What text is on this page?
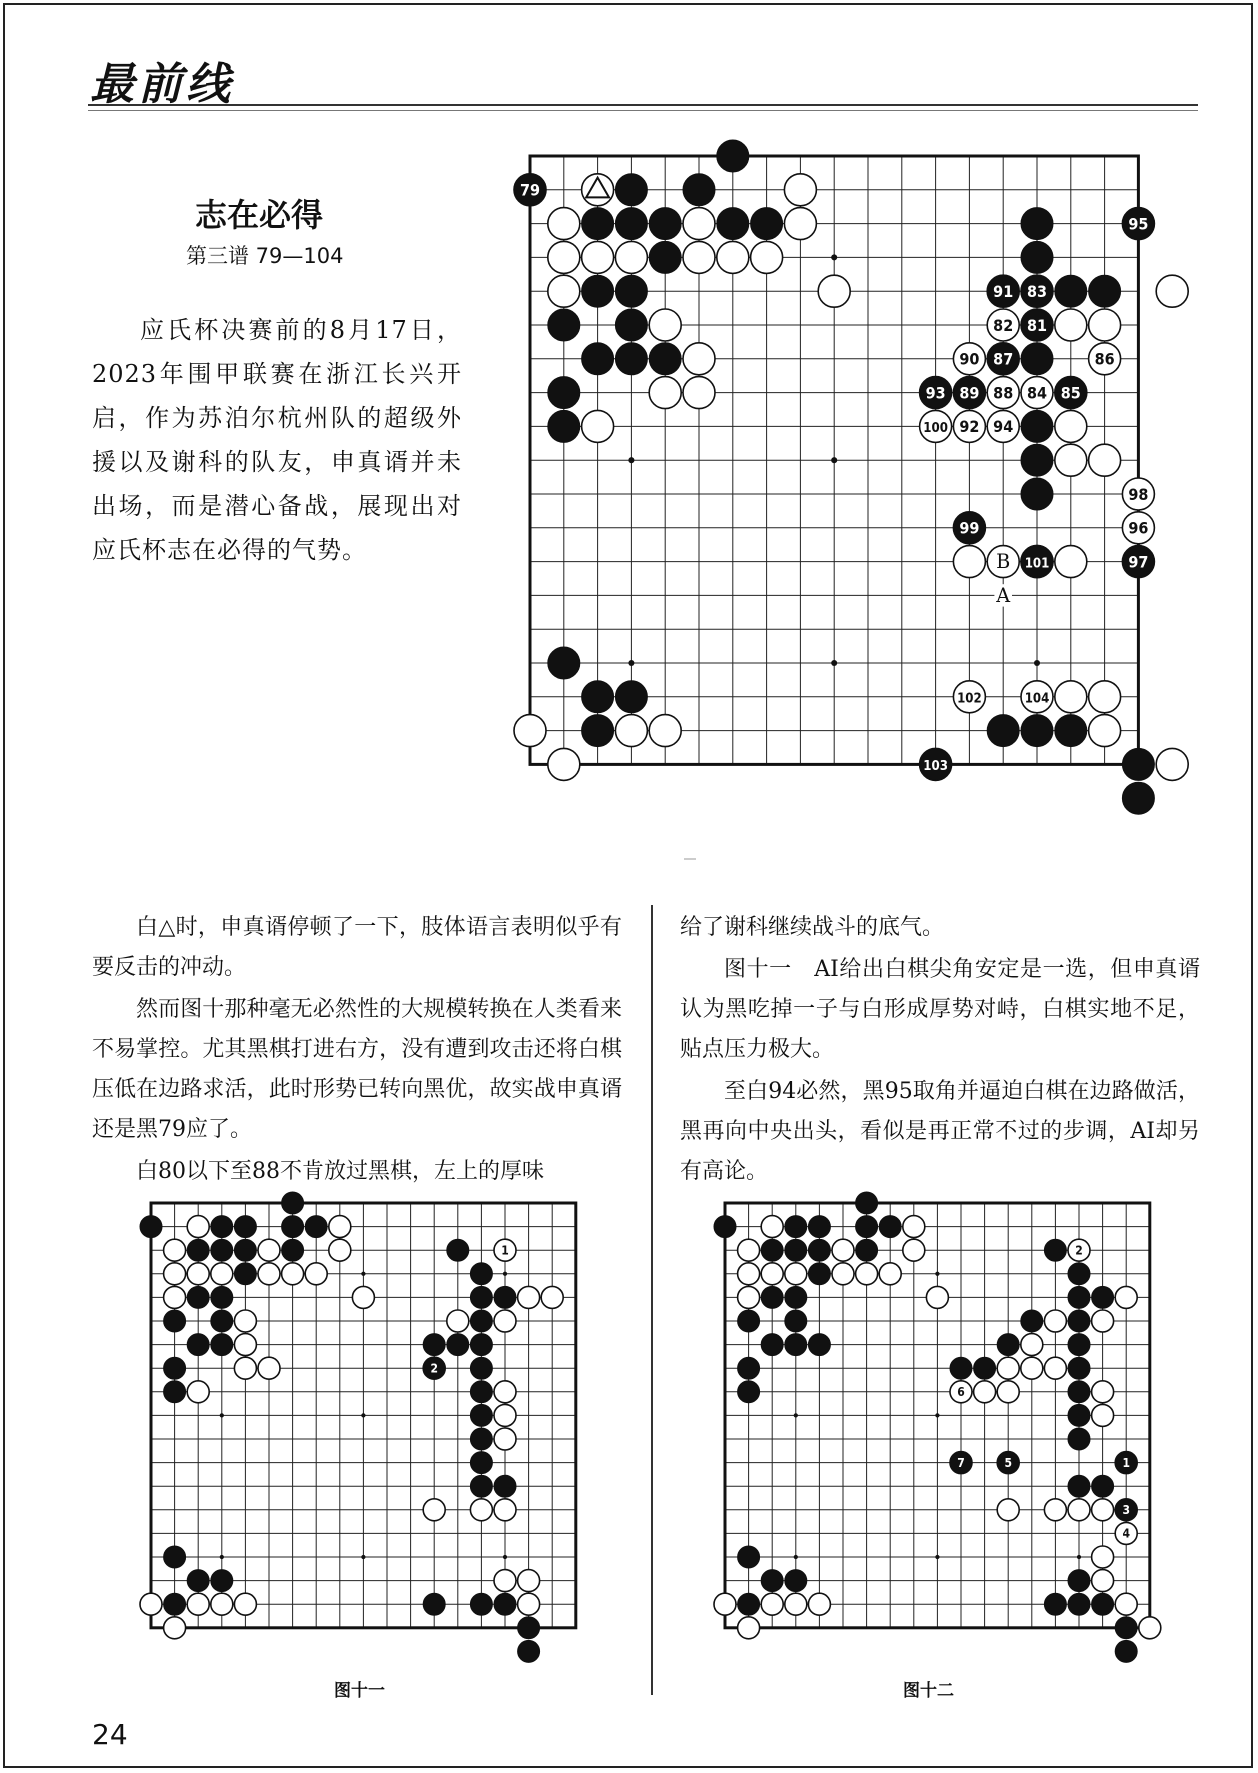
最前线
志在必得
第三谱 79—104

应氏杯决赛前的8月17日，2023年围甲联赛在浙江长兴开启，作为苏泊尔杭州队的超级外援以及谢科的队友，申真谞并未出场，而是潜心备战，展现出对应氏杯志在必得的气势。

79
81
82
83
84 85
86
87
88
89
90
91
92
93
94
95
96
97
98
99
100
101
102
103
104
B
A

白△时，申真谞停顿了一下，肢体语言表明似乎有要反击的冲动。

然而图十那种毫无必然性的大规模转换在人类看来不易掌控。尤其黑棋打进右方，没有遭到攻击还将白棋压低在边路求活，此时形势已转向黑优，故实战申真谞还是黑79应了。

白80以下至88不肯放过黑棋，左上的厚味

给了谢科继续战斗的底气。

图十一　AI给出白棋尖角安定是一选，但申真谞认为黑吃掉一子与白形成厚势对峙，白棋实地不足，贴点压力极大。

至白94必然，黑95取角并逼迫白棋在边路做活，黑再向中央出头，看似是再正常不过的步调，AI却另有高论。

1
2
图十一
1
2
3
4
5
6
7
图十二
24
